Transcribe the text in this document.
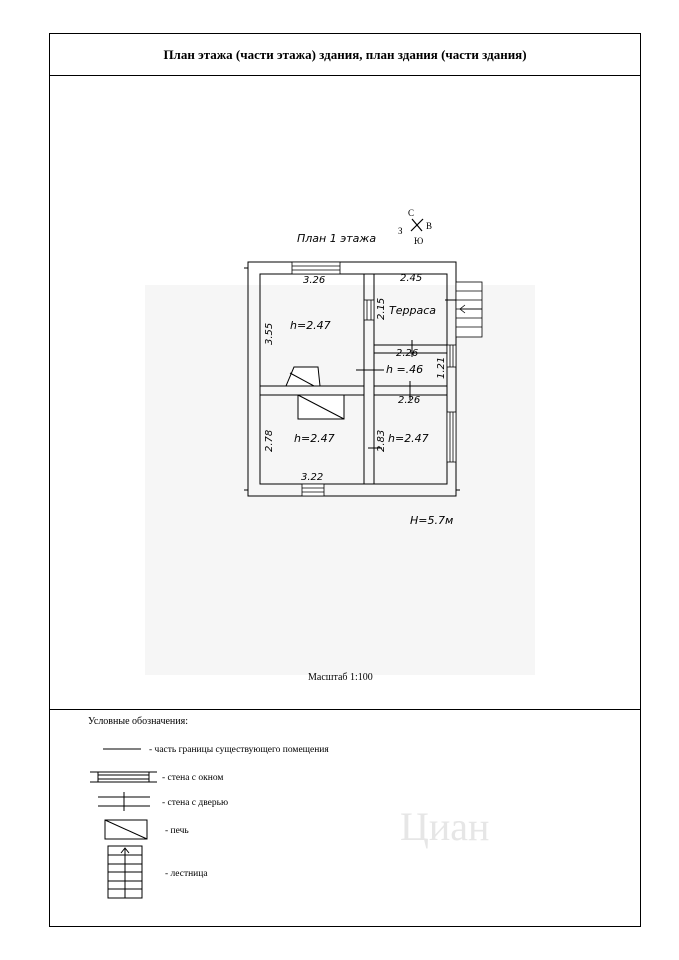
План этажа (части этажа) здания, план здания (части здания)
С
В
Ю
З
План 1 этажа
3.26	2.45
3.55
2.15
2.26
1.21
2.26
2.78	2.83
3.22
h=2.47
Терраса
h =.46
h=2.47	h=2.47
H=5.7м
Масштаб 1:100
Циан
Условные обозначения:
- часть границы существующего помещения
- стена с окном
- стена с дверью
- печь
- лестница
